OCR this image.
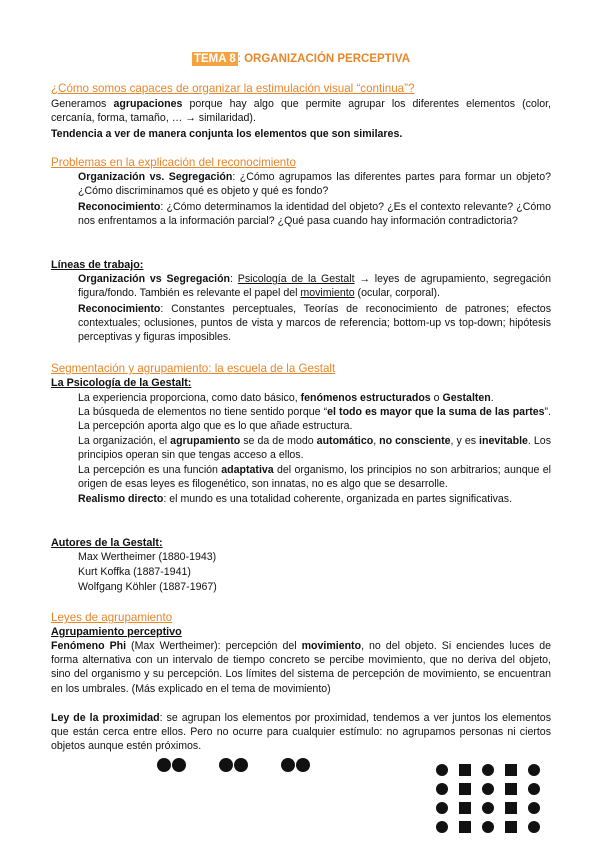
TEMA 8 : ORGANIZACIÓN PERCEPTIVA
¿Cómo somos capaces de organizar la estimulación visual “continua”?
Generamos agrupaciones porque hay algo que permite agrupar los diferentes elementos (color, cercanía, forma, tamaño, … → similaridad).
Tendencia a ver de manera conjunta los elementos que son similares.
Problemas en la explicación del reconocimiento
Organización vs. Segregación: ¿Cómo agrupamos las diferentes partes para formar un objeto? ¿Cómo discriminamos qué es objeto y qué es fondo?
Reconocimiento: ¿Cómo determinamos la identidad del objeto? ¿Es el contexto relevante? ¿Cómo nos enfrentamos a la información parcial? ¿Qué pasa cuando hay información contradictoria?
Líneas de trabajo:
Organización vs Segregación: Psicología de la Gestalt → leyes de agrupamiento, segregación figura/fondo. También es relevante el papel del movimiento (ocular, corporal).
Reconocimiento: Constantes perceptuales, Teorías de reconocimiento de patrones; efectos contextuales; oclusiones, puntos de vista y marcos de referencia; bottom-up vs top-down; hipótesis perceptivas y figuras imposibles.
Segmentación y agrupamiento: la escuela de la Gestalt
La Psicología de la Gestalt:
La experiencia proporciona, como dato básico, fenómenos estructurados o Gestalten.
La búsqueda de elementos no tiene sentido porque “el todo es mayor que la suma de las partes”. La percepción aporta algo que es lo que añade estructura.
La organización, el agrupamiento se da de modo automático, no consciente, y es inevitable. Los principios operan sin que tengas acceso a ellos.
La percepción es una función adaptativa del organismo, los principios no son arbitrarios; aunque el origen de esas leyes es filogenético, son innatas, no es algo que se desarrolle.
Realismo directo: el mundo es una totalidad coherente, organizada en partes significativas.
Autores de la Gestalt:
Max Wertheimer (1880-1943)
Kurt Koffka (1887-1941)
Wolfgang Köhler (1887-1967)
Leyes de agrupamiento
Agrupamiento perceptivo
Fenómeno Phi (Max Wertheimer): percepción del movimiento, no del objeto. Si enciendes luces de forma alternativa con un intervalo de tiempo concreto se percibe movimiento, que no deriva del objeto, sino del organismo y su percepción. Los límites del sistema de percepción de movimiento, se encuentran en los umbrales. (Más explicado en el tema de movimiento)
Ley de la proximidad: se agrupan los elementos por proximidad, tendemos a ver juntos los elementos que están cerca entre ellos. Pero no ocurre para cualquier estímulo: no agrupamos personas ni ciertos objetos aunque estén próximos.
